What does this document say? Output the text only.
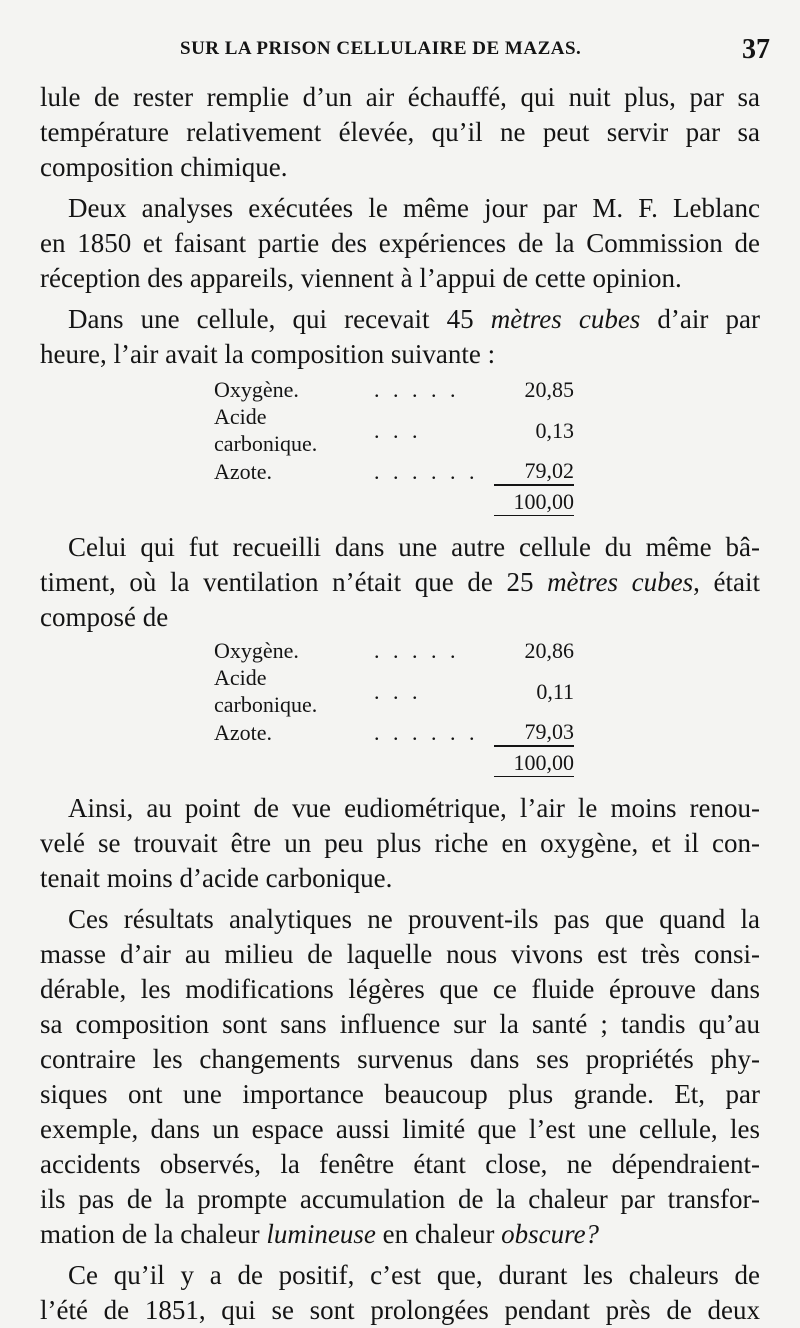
SUR LA PRISON CELLULAIRE DE MAZAS.	37

lule de rester remplie d’un air échauffé, qui nuit plus, par sa

température relativement élevée, qu’il ne peut servir par sa

composition chimique.

Deux analyses exécutées le même jour par M. F. Leblanc

en 1850 et faisant partie des expériences de la Commission de

réception des appareils, viennent à l’appui de cette opinion.

Dans une cellule, qui recevait 45 mètres cubes d’air par

heure, l’air avait la composition suivante :

Oxygène.	. . . . .	20,85
Acide carbonique.	. . .	0,13
Azote.	. . . . . .	79,02
		100,00

Celui qui fut recueilli dans une autre cellule du même bâ-

timent, où la ventilation n’était que de 25 mètres cubes, était

composé de

Oxygène.	. . . . .	20,86
Acide carbonique.	. . .	0,11
Azote.	. . . . . .	79,03
		100,00

Ainsi, au point de vue eudiométrique, l’air le moins renou-

velé se trouvait être un peu plus riche en oxygène, et il con-

tenait moins d’acide carbonique.

Ces résultats analytiques ne prouvent-ils pas que quand la

masse d’air au milieu de laquelle nous vivons est très consi-

dérable, les modifications légères que ce fluide éprouve dans

sa composition sont sans influence sur la santé ; tandis qu’au

contraire les changements survenus dans ses propriétés phy-

siques ont une importance beaucoup plus grande. Et, par

exemple, dans un espace aussi limité que l’est une cellule, les

accidents observés, la fenêtre étant close, ne dépendraient-

ils pas de la prompte accumulation de la chaleur par transfor-

mation de la chaleur lumineuse en chaleur obscure?

Ce qu’il y a de positif, c’est que, durant les chaleurs de

l’été de 1851, qui se sont prolongées pendant près de deux
